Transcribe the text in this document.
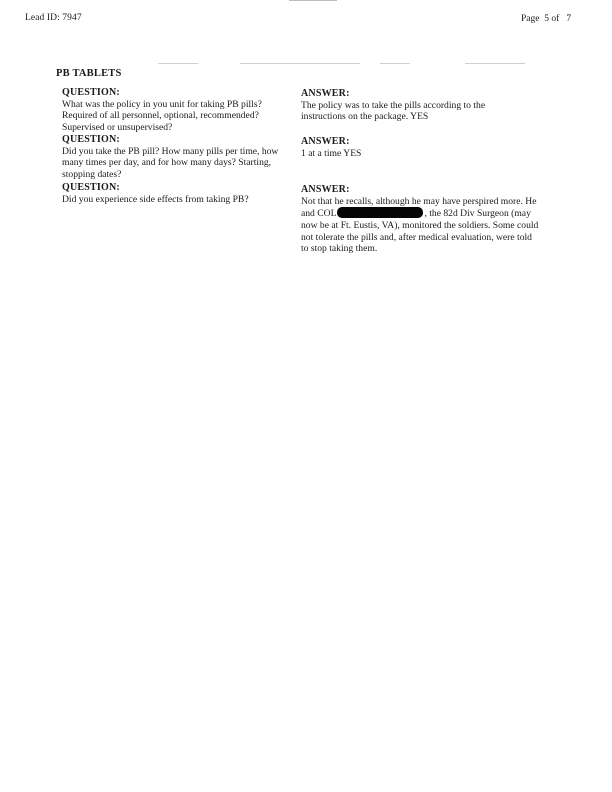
Lead ID: 7947	Page  5 of   7
PB TABLETS
QUESTION:
What was the policy in you unit for taking PB pills? Required of all personnel, optional, recommended? Supervised or unsupervised?
ANSWER:
The policy was to take the pills according to the instructions on the package. YES
QUESTION:
Did you take the PB pill? How many pills per time, how many times per day, and for how many days? Starting, stopping dates?
ANSWER:
1 at a time YES
QUESTION:
Did you experience side effects from taking PB?
ANSWER:
Not that he recalls, although he may have perspired more. He and COL	, the 82d Div Surgeon (may now be at Ft. Eustis, VA), monitored the soldiers. Some could not tolerate the pills and, after medical evaluation, were told to stop taking them.
